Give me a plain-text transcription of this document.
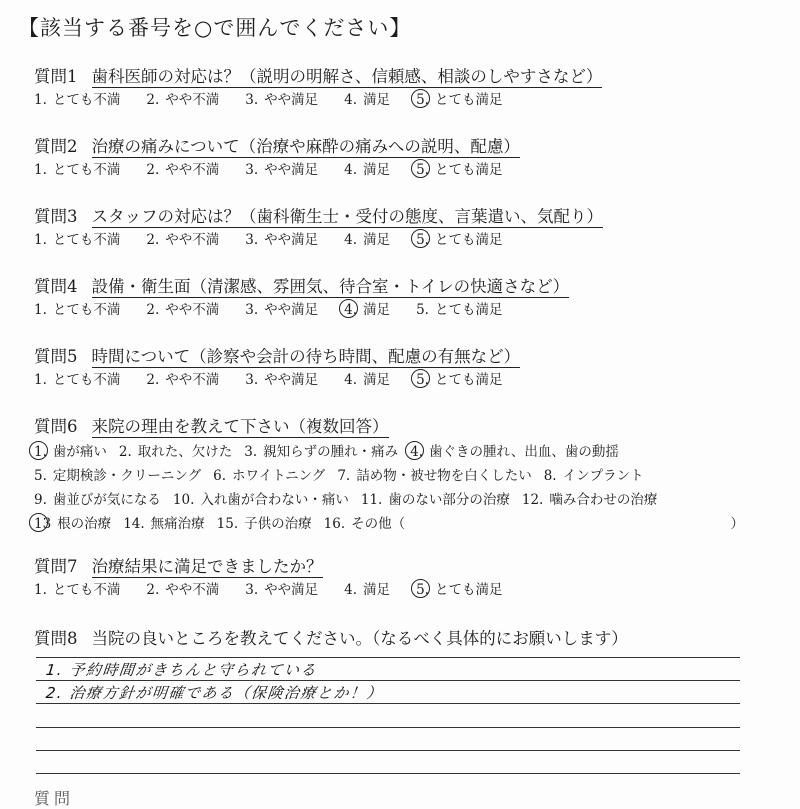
【該当する番号を○で囲んでください】
質問1 歯科医師の対応は？（説明の明解さ、信頼感、相談のしやすさなど）
1. とても不満 2. やや不満 3. やや満足 4. 満足 5. とても満足
質問2 治療の痛みについて（治療や麻酔の痛みへの説明、配慮）
1. とても不満 2. やや不満 3. やや満足 4. 満足 5. とても満足
質問3 スタッフの対応は？（歯科衛生士・受付の態度、言葉遣い、気配り）
1. とても不満 2. やや不満 3. やや満足 4. 満足 5. とても満足
質問4 設備・衛生面（清潔感、雰囲気、待合室・トイレの快適さなど）
1. とても不満 2. やや不満 3. やや満足 4. 満足 5. とても満足
質問5 時間について（診察や会計の待ち時間、配慮の有無など）
1. とても不満 2. やや不満 3. やや満足 4. 満足 5. とても満足
質問6 来院の理由を教えて下さい（複数回答）
1. 歯が痛い 2. 取れた、欠けた 3. 親知らずの腫れ・痛み 4. 歯ぐきの腫れ、出血、歯の動揺
5. 定期検診・クリーニング 6. ホワイトニング 7. 詰め物・被せ物を白くしたい 8. インプラント
9. 歯並びが気になる 10. 入れ歯が合わない・痛い 11. 歯のない部分の治療 12. 噛み合わせの治療
13 根の治療 14. 無痛治療 15. 子供の治療 16. その他（	）
質問7 治療結果に満足できましたか？
1. とても不満 2. やや不満 3. やや満足 4. 満足 5. とても満足
質問8 当院の良いところを教えてください。（なるべく具体的にお願いします）
1. 予約時間がきちんと守られている
2. 治療方針が明確である（保険治療とか！）
質問
